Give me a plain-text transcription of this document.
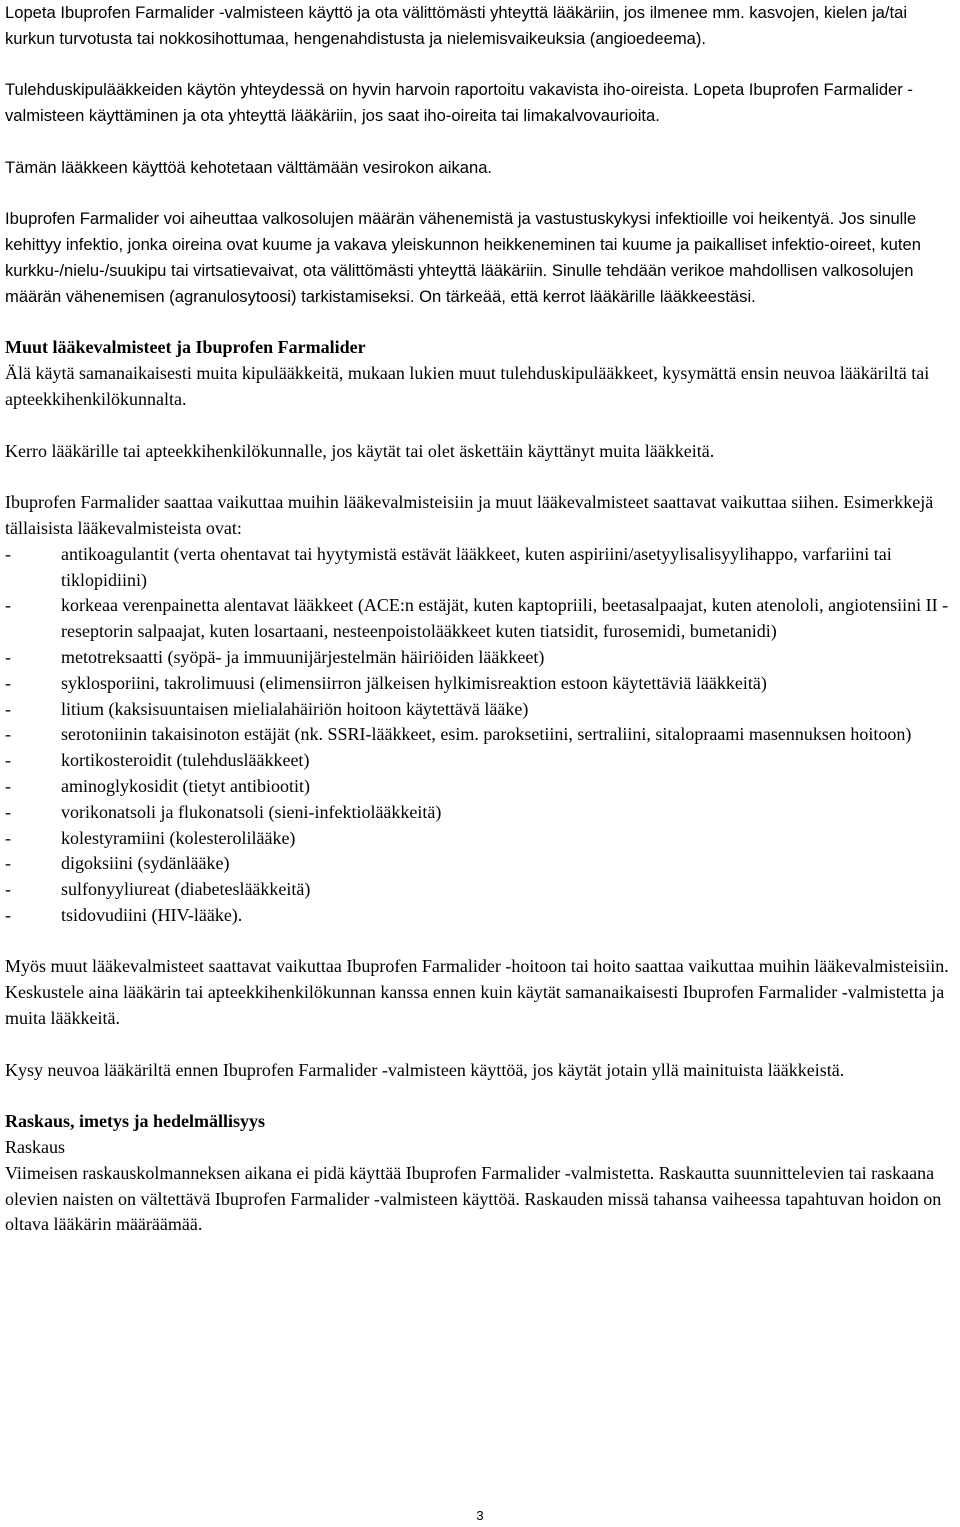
Lopeta Ibuprofen Farmalider -valmisteen käyttö ja ota välittömästi yhteyttä lääkäriin, jos ilmenee mm. kasvojen, kielen ja/tai kurkun turvotusta tai nokkosihottumaa, hengenahdistusta ja nielemisvaikeuksia (angioedeema).

Tulehduskipulääkkeiden käytön yhteydessä on hyvin harvoin raportoitu vakavista iho-oireista. Lopeta Ibuprofen Farmalider -valmisteen käyttäminen ja ota yhteyttä lääkäriin, jos saat iho-oireita tai limakalvovaurioita.

Tämän lääkkeen käyttöä kehotetaan välttämään vesirokon aikana.

Ibuprofen Farmalider voi aiheuttaa valkosolujen määrän vähenemistä ja vastustuskykysi infektioille voi heikentyä. Jos sinulle kehittyy infektio, jonka oireina ovat kuume ja vakava yleiskunnon heikkeneminen tai kuume ja paikalliset infektio-oireet, kuten kurkku-/nielu-/suukipu tai virtsatievaivat, ota välittömästi yhteyttä lääkäriin. Sinulle tehdään verikoe mahdollisen valkosolujen määrän vähenemisen (agranulosytoosi) tarkistamiseksi. On tärkeää, että kerrot lääkärille lääkkeestäsi.

Muut lääkevalmisteet ja Ibuprofen Farmalider

Älä käytä samanaikaisesti muita kipulääkkeitä, mukaan lukien muut tulehduskipulääkkeet, kysymättä ensin neuvoa lääkäriltä tai apteekkihenkilökunnalta.

Kerro lääkärille tai apteekkihenkilökunnalle, jos käytät tai olet äskettäin käyttänyt muita lääkkeitä.

Ibuprofen Farmalider saattaa vaikuttaa muihin lääkevalmisteisiin ja muut lääkevalmisteet saattavat vaikuttaa siihen. Esimerkkejä tällaisista lääkevalmisteista ovat:

-	antikoagulantit (verta ohentavat tai hyytymistä estävät lääkkeet, kuten aspiriini/asetyylisalisyylihappo, varfariini tai tiklopidiini)
-	korkeaa verenpainetta alentavat lääkkeet (ACE:n estäjät, kuten kaptopriili, beetasalpaajat, kuten atenololi, angiotensiini II -reseptorin salpaajat, kuten losartaani, nesteenpoistolääkkeet kuten tiatsidit, furosemidi, bumetanidi)
-	metotreksaatti (syöpä- ja immuunijärjestelmän häiriöiden lääkkeet)
-	syklosporiini, takrolimuusi (elimensiirron jälkeisen hylkimisreaktion estoon käytettäviä lääkkeitä)
-	litium (kaksisuuntaisen mielialahäiriön hoitoon käytettävä lääke)
-	serotoniinin takaisinoton estäjät (nk. SSRI-lääkkeet, esim. paroksetiini, sertraliini, sitalopraami masennuksen hoitoon)
-	kortikosteroidit (tulehduslääkkeet)
-	aminoglykosidit (tietyt antibiootit)
-	vorikonatsoli ja flukonatsoli (sieni-infektiolääkkeitä)
-	kolestyramiini (kolesterolilääke)
-	digoksiini (sydänlääke)
-	sulfonyyliureat (diabeteslääkkeitä)
-	tsidovudiini (HIV-lääke).

Myös muut lääkevalmisteet saattavat vaikuttaa Ibuprofen Farmalider -hoitoon tai hoito saattaa vaikuttaa muihin lääkevalmisteisiin. Keskustele aina lääkärin tai apteekkihenkilökunnan kanssa ennen kuin käytät samanaikaisesti Ibuprofen Farmalider -valmistetta ja muita lääkkeitä.

Kysy neuvoa lääkäriltä ennen Ibuprofen Farmalider -valmisteen käyttöä, jos käytät jotain yllä mainituista lääkkeistä.

Raskaus, imetys ja hedelmällisyys

Raskaus

Viimeisen raskauskolmanneksen aikana ei pidä käyttää Ibuprofen Farmalider -valmistetta. Raskautta suunnittelevien tai raskaana olevien naisten on vältettävä Ibuprofen Farmalider -valmisteen käyttöä. Raskauden missä tahansa vaiheessa tapahtuvan hoidon on oltava lääkärin määräämää.

3
